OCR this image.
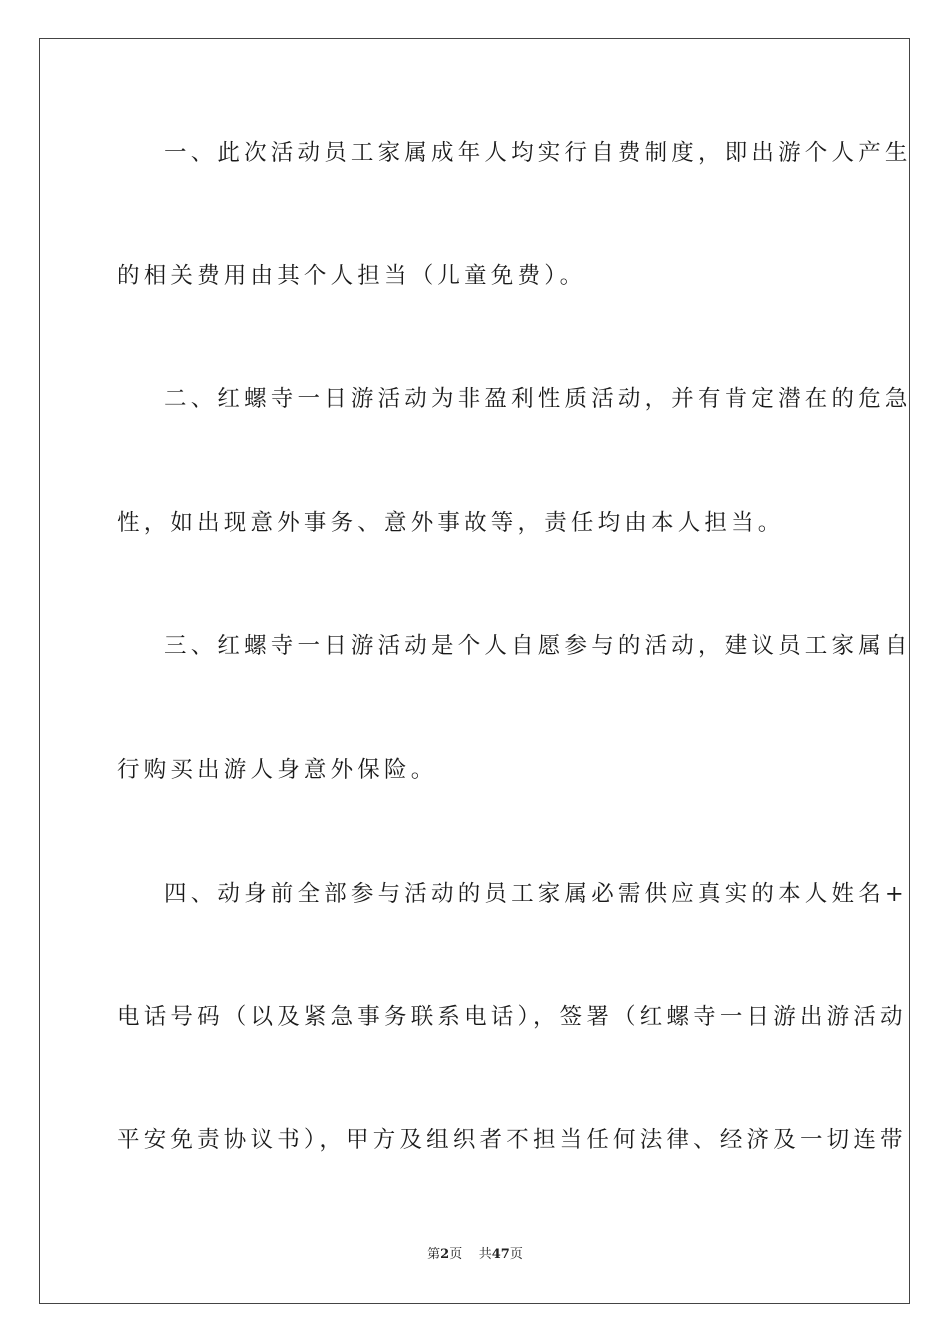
一、此次活动员工家属成年人均实行自费制度，即出游个人产生
的相关费用由其个人担当（儿童免费）。
二、红螺寺一日游活动为非盈利性质活动，并有肯定潜在的危急
性，如出现意外事务、意外事故等，责任均由本人担当。
三、红螺寺一日游活动是个人自愿参与的活动，建议员工家属自
行购买出游人身意外保险。
四、动身前全部参与活动的员工家属必需供应真实的本人姓名+
电话号码（以及紧急事务联系电话），签署（红螺寺一日游出游活动
平安免责协议书），甲方及组织者不担当任何法律、经济及一切连带
第2页 共47页
